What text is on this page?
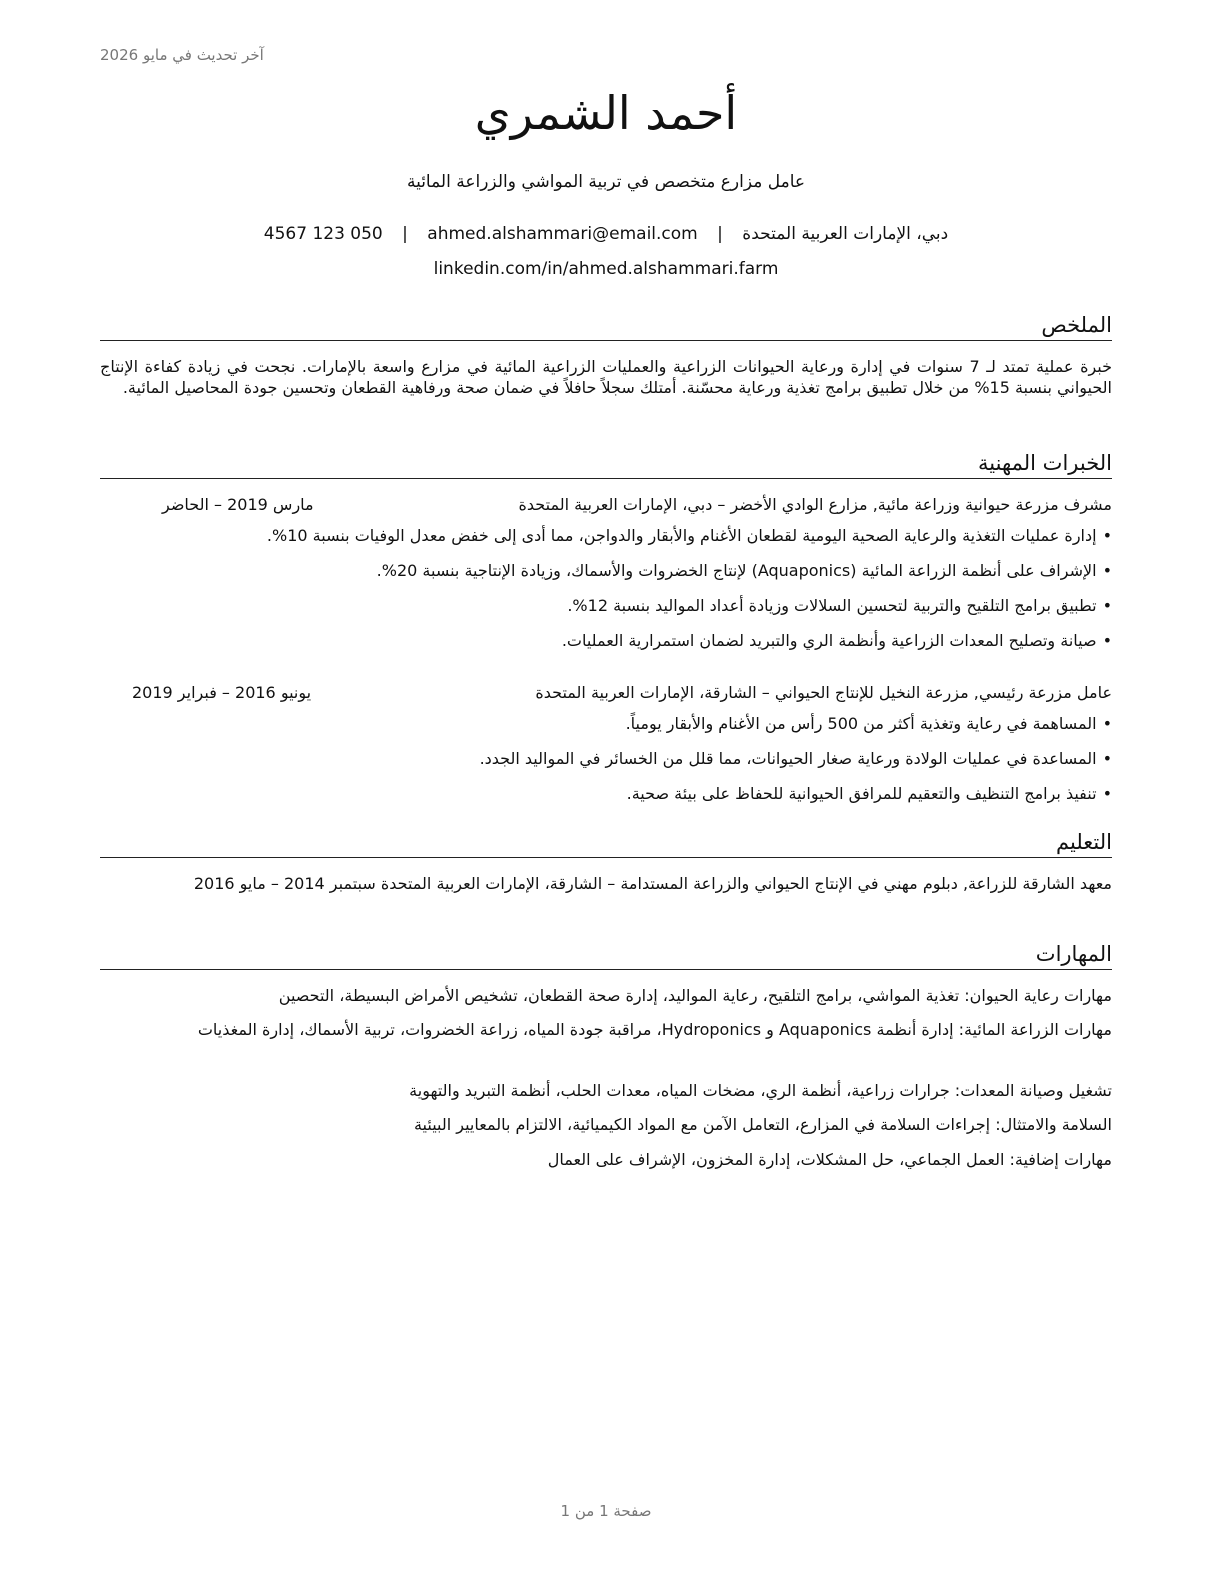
آخر تحديث في مايو 2026
أحمد الشمري
عامل مزارع متخصص في تربية المواشي والزراعة المائية
دبي، الإمارات العربية المتحدة | ahmed.alshammari@email.com | 050 123 4567
linkedin.com/in/ahmed.alshammari.farm
الملخص
خبرة عملية تمتد لـ 7 سنوات في إدارة ورعاية الحيوانات الزراعية والعمليات الزراعية المائية في مزارع واسعة بالإمارات. نجحت في زيادة كفاءة الإنتاج الحيواني بنسبة 15% من خلال تطبيق برامج تغذية ورعاية محسّنة. أمتلك سجلاً حافلاً في ضمان صحة ورفاهية القطعان وتحسين جودة المحاصيل المائية.
الخبرات المهنية
مشرف مزرعة حيوانية وزراعة مائية, مزارع الوادي الأخضر – دبي، الإمارات العربية المتحدة
مارس 2019 – الحاضر
• إدارة عمليات التغذية والرعاية الصحية اليومية لقطعان الأغنام والأبقار والدواجن، مما أدى إلى خفض معدل الوفيات بنسبة 10%.
• الإشراف على أنظمة الزراعة المائية (Aquaponics) لإنتاج الخضروات والأسماك، وزيادة الإنتاجية بنسبة 20%.
• تطبيق برامج التلقيح والتربية لتحسين السلالات وزيادة أعداد المواليد بنسبة 12%.
• صيانة وتصليح المعدات الزراعية وأنظمة الري والتبريد لضمان استمرارية العمليات.
عامل مزرعة رئيسي, مزرعة النخيل للإنتاج الحيواني – الشارقة، الإمارات العربية المتحدة
يونيو 2016 – فبراير 2019
• المساهمة في رعاية وتغذية أكثر من 500 رأس من الأغنام والأبقار يومياً.
• المساعدة في عمليات الولادة ورعاية صغار الحيوانات، مما قلل من الخسائر في المواليد الجدد.
• تنفيذ برامج التنظيف والتعقيم للمرافق الحيوانية للحفاظ على بيئة صحية.
التعليم
معهد الشارقة للزراعة, دبلوم مهني في الإنتاج الحيواني والزراعة المستدامة – الشارقة، الإمارات العربية المتحدة سبتمبر 2014 – مايو 2016
المهارات
مهارات رعاية الحيوان: تغذية المواشي، برامج التلقيح، رعاية المواليد، إدارة صحة القطعان، تشخيص الأمراض البسيطة، التحصين
مهارات الزراعة المائية: إدارة أنظمة Aquaponics و Hydroponics، مراقبة جودة المياه، زراعة الخضروات، تربية الأسماك، إدارة المغذيات
تشغيل وصيانة المعدات: جرارات زراعية، أنظمة الري، مضخات المياه، معدات الحلب، أنظمة التبريد والتهوية
السلامة والامتثال: إجراءات السلامة في المزارع، التعامل الآمن مع المواد الكيميائية، الالتزام بالمعايير البيئية
مهارات إضافية: العمل الجماعي، حل المشكلات، إدارة المخزون، الإشراف على العمال
صفحة 1 من 1
